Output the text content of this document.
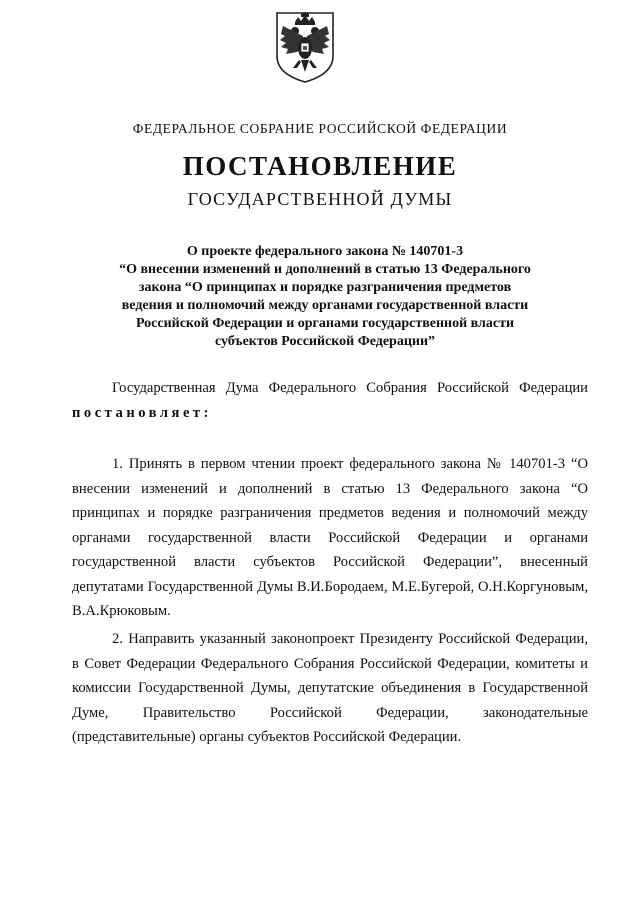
ФЕДЕРАЛЬНОЕ СОБРАНИЕ РОССИЙСКОЙ ФЕДЕРАЦИИ
ПОСТАНОВЛЕНИЕ
ГОСУДАРСТВЕННОЙ ДУМЫ
О проекте федерального закона № 140701-3
“О внесении изменений и дополнений в статью 13 Федерального
закона “О принципах и порядке разграничения предметов
ведения и полномочий между органами государственной власти
Российской Федерации и органами государственной власти
субъектов Российской Федерации”
Государственная Дума Федерального Собрания Российской Федерации постановляет:
1. Принять в первом чтении проект федерального закона № 140701-3 “О внесении изменений и дополнений в статью 13 Федерального закона “О принципах и порядке разграничения предметов ведения и полномочий между органами государственной власти Российской Федерации и органами государственной власти субъектов Российской Федерации”, внесенный депутатами Государственной Думы В.И.Бородаем, М.Е.Бугерой, О.Н.Коргуновым, В.А.Крюковым.
2. Направить указанный законопроект Президенту Российской Федерации, в Совет Федерации Федерального Собрания Российской Федерации, комитеты и комиссии Государственной Думы, депутатские объединения в Государственной Думе, Правительство Российской Федерации, законодательные (представительные) органы субъектов Российской Федерации.
